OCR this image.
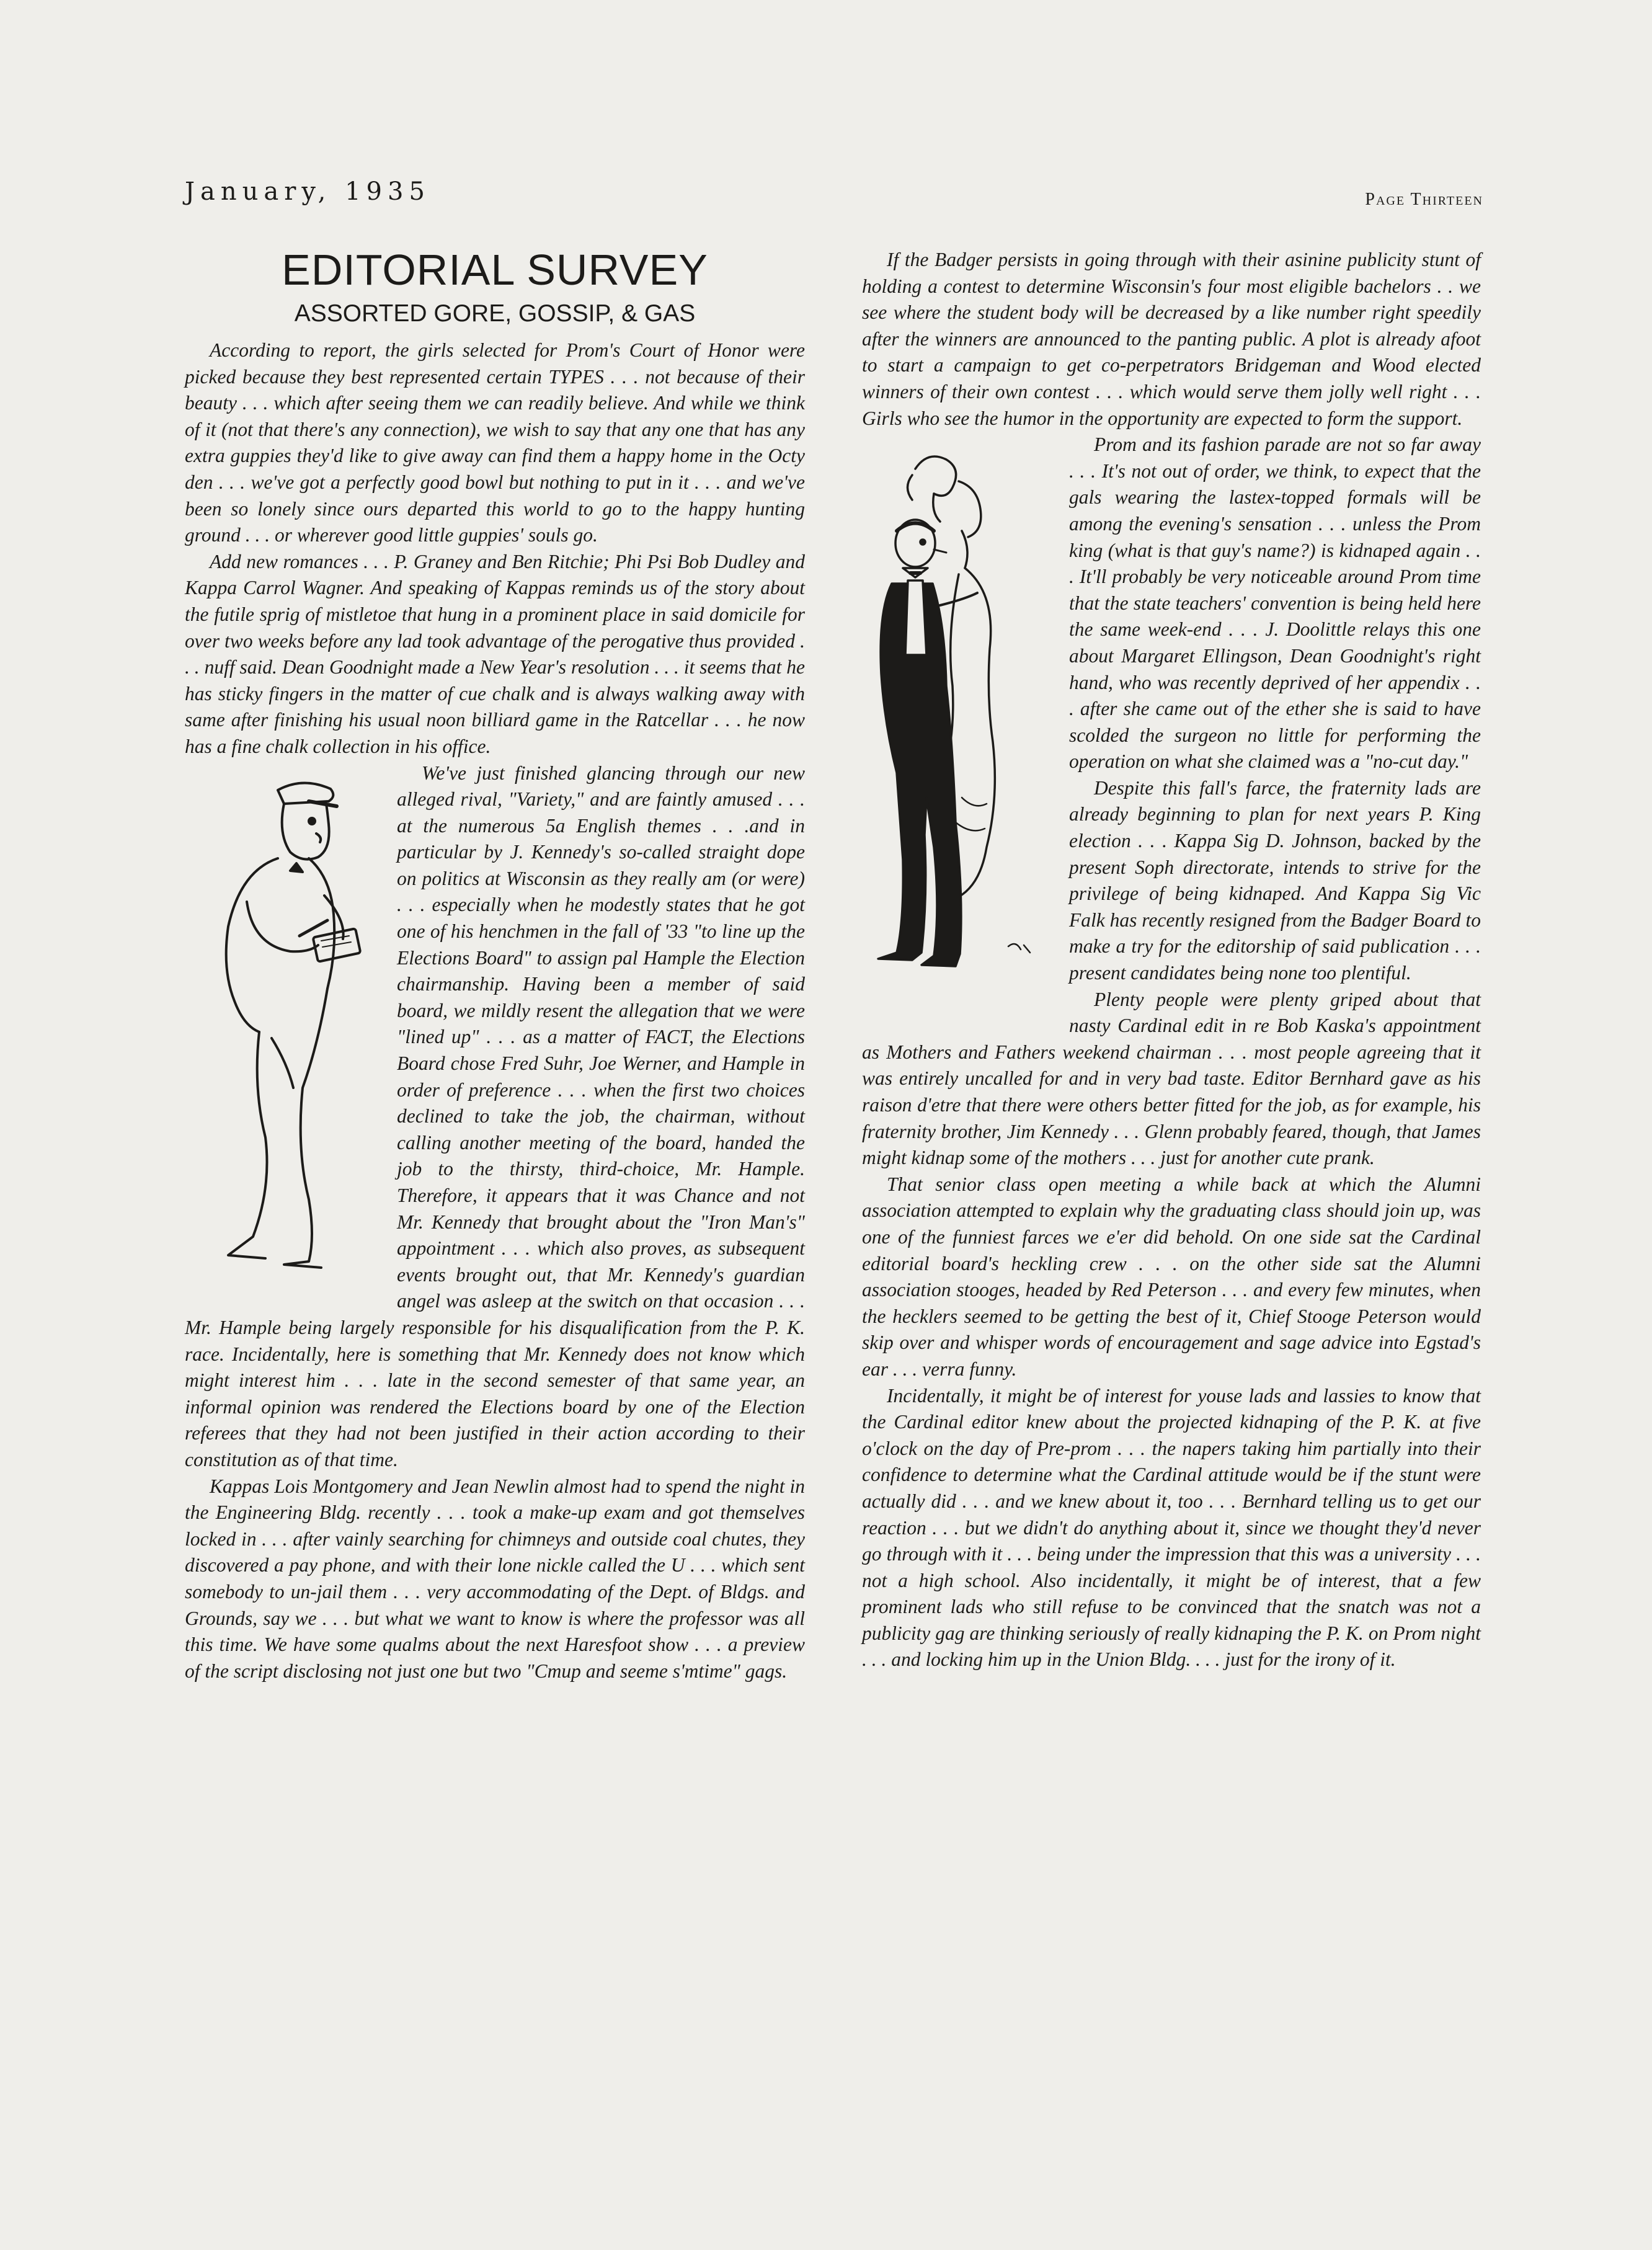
January, 1935	Page Thirteen
EDITORIAL SURVEY
ASSORTED GORE, GOSSIP, & GAS

According to report, the girls selected for Prom's Court of Honor were picked because they best represented certain TYPES . . . not because of their beauty . . . which after seeing them we can readily believe. And while we think of it (not that there's any connection), we wish to say that any one that has any extra guppies they'd like to give away can find them a happy home in the Octy den . . . we've got a perfectly good bowl but nothing to put in it . . . and we've been so lonely since ours departed this world to go to the happy hunting ground . . . or wherever good little guppies' souls go.

Add new romances . . . P. Graney and Ben Ritchie; Phi Psi Bob Dudley and Kappa Carrol Wagner. And speaking of Kappas reminds us of the story about the futile sprig of mistletoe that hung in a prominent place in said domicile for over two weeks before any lad took advantage of the perogative thus provided . . . nuff said. Dean Goodnight made a New Year's resolution . . . it seems that he has sticky fingers in the matter of cue chalk and is always walking away with same after finishing his usual noon billiard game in the Ratcellar . . . he now has a fine chalk collection in his office.

We've just finished glancing through our new alleged rival, "Variety," and are faintly amused . . . at the numerous 5a English themes . . .and in particular by J. Kennedy's so-called straight dope on politics at Wisconsin as they really am (or were) . . . especially when he modestly states that he got one of his henchmen in the fall of '33 "to line up the Elections Board" to assign pal Hample the Election chairmanship. Having been a member of said board, we mildly resent the allegation that we were "lined up" . . . as a matter of FACT, the Elections Board chose Fred Suhr, Joe Werner, and Hample in order of preference . . . when the first two choices declined to take the job, the chairman, without calling another meeting of the board, handed the job to the thirsty, third-choice, Mr. Hample. Therefore, it appears that it was Chance and not Mr. Kennedy that brought about the "Iron Man's" appointment . . . which also proves, as subsequent events brought out, that Mr. Kennedy's guardian angel was asleep at the switch on that occasion . . . Mr. Hample being largely responsible for his disqualification from the P. K. race. Incidentally, here is something that Mr. Kennedy does not know which might interest him . . . late in the second semester of that same year, an informal opinion was rendered the Elections board by one of the Election referees that they had not been justified in their action according to their constitution as of that time.

Kappas Lois Montgomery and Jean Newlin almost had to spend the night in the Engineering Bldg. recently . . . took a make-up exam and got themselves locked in . . . after vainly searching for chimneys and outside coal chutes, they discovered a pay phone, and with their lone nickle called the U . . . which sent somebody to un-jail them . . . very accommodating of the Dept. of Bldgs. and Grounds, say we . . . but what we want to know is where the professor was all this time. We have some qualms about the next Haresfoot show . . . a preview of the script disclosing not just one but two "Cmup and seeme s'mtime" gags.

If the Badger persists in going through with their asinine publicity stunt of holding a contest to determine Wisconsin's four most eligible bachelors . . we see where the student body will be decreased by a like number right speedily after the winners are announced to the panting public. A plot is already afoot to start a campaign to get co-perpetrators Bridgeman and Wood elected winners of their own contest . . . which would serve them jolly well right . . . Girls who see the humor in the opportunity are expected to form the support.

Prom and its fashion parade are not so far away . . . It's not out of order, we think, to expect that the gals wearing the lastex-topped formals will be among the evening's sensation . . . unless the Prom king (what is that guy's name?) is kidnaped again . . . It'll probably be very noticeable around Prom time that the state teachers' convention is being held here the same week-end . . . J. Doolittle relays this one about Margaret Ellingson, Dean Goodnight's right hand, who was recently deprived of her appendix . . . after she came out of the ether she is said to have scolded the surgeon no little for performing the operation on what she claimed was a "no-cut day."

Despite this fall's farce, the fraternity lads are already beginning to plan for next years P. King election . . . Kappa Sig D. Johnson, backed by the present Soph directorate, intends to strive for the privilege of being kidnaped. And Kappa Sig Vic Falk has recently resigned from the Badger Board to make a try for the editorship of said publication . . . present candidates being none too plentiful.

Plenty people were plenty griped about that nasty Cardinal edit in re Bob Kaska's appointment as Mothers and Fathers weekend chairman . . . most people agreeing that it was entirely uncalled for and in very bad taste. Editor Bernhard gave as his raison d'etre that there were others better fitted for the job, as for example, his fraternity brother, Jim Kennedy . . . Glenn probably feared, though, that James might kidnap some of the mothers . . . just for another cute prank.

That senior class open meeting a while back at which the Alumni association attempted to explain why the graduating class should join up, was one of the funniest farces we e'er did behold. On one side sat the Cardinal editorial board's heckling crew . . . on the other side sat the Alumni association stooges, headed by Red Peterson . . . and every few minutes, when the hecklers seemed to be getting the best of it, Chief Stooge Peterson would skip over and whisper words of encouragement and sage advice into Egstad's ear . . . verra funny.

Incidentally, it might be of interest for youse lads and lassies to know that the Cardinal editor knew about the projected kidnaping of the P. K. at five o'clock on the day of Pre-prom . . . the napers taking him partially into their confidence to determine what the Cardinal attitude would be if the stunt were actually did . . . and we knew about it, too . . . Bernhard telling us to get our reaction . . . but we didn't do anything about it, since we thought they'd never go through with it . . . being under the impression that this was a university . . . not a high school. Also incidentally, it might be of interest, that a few prominent lads who still refuse to be convinced that the snatch was not a publicity gag are thinking seriously of really kidnaping the P. K. on Prom night . . . and locking him up in the Union Bldg. . . . just for the irony of it.
